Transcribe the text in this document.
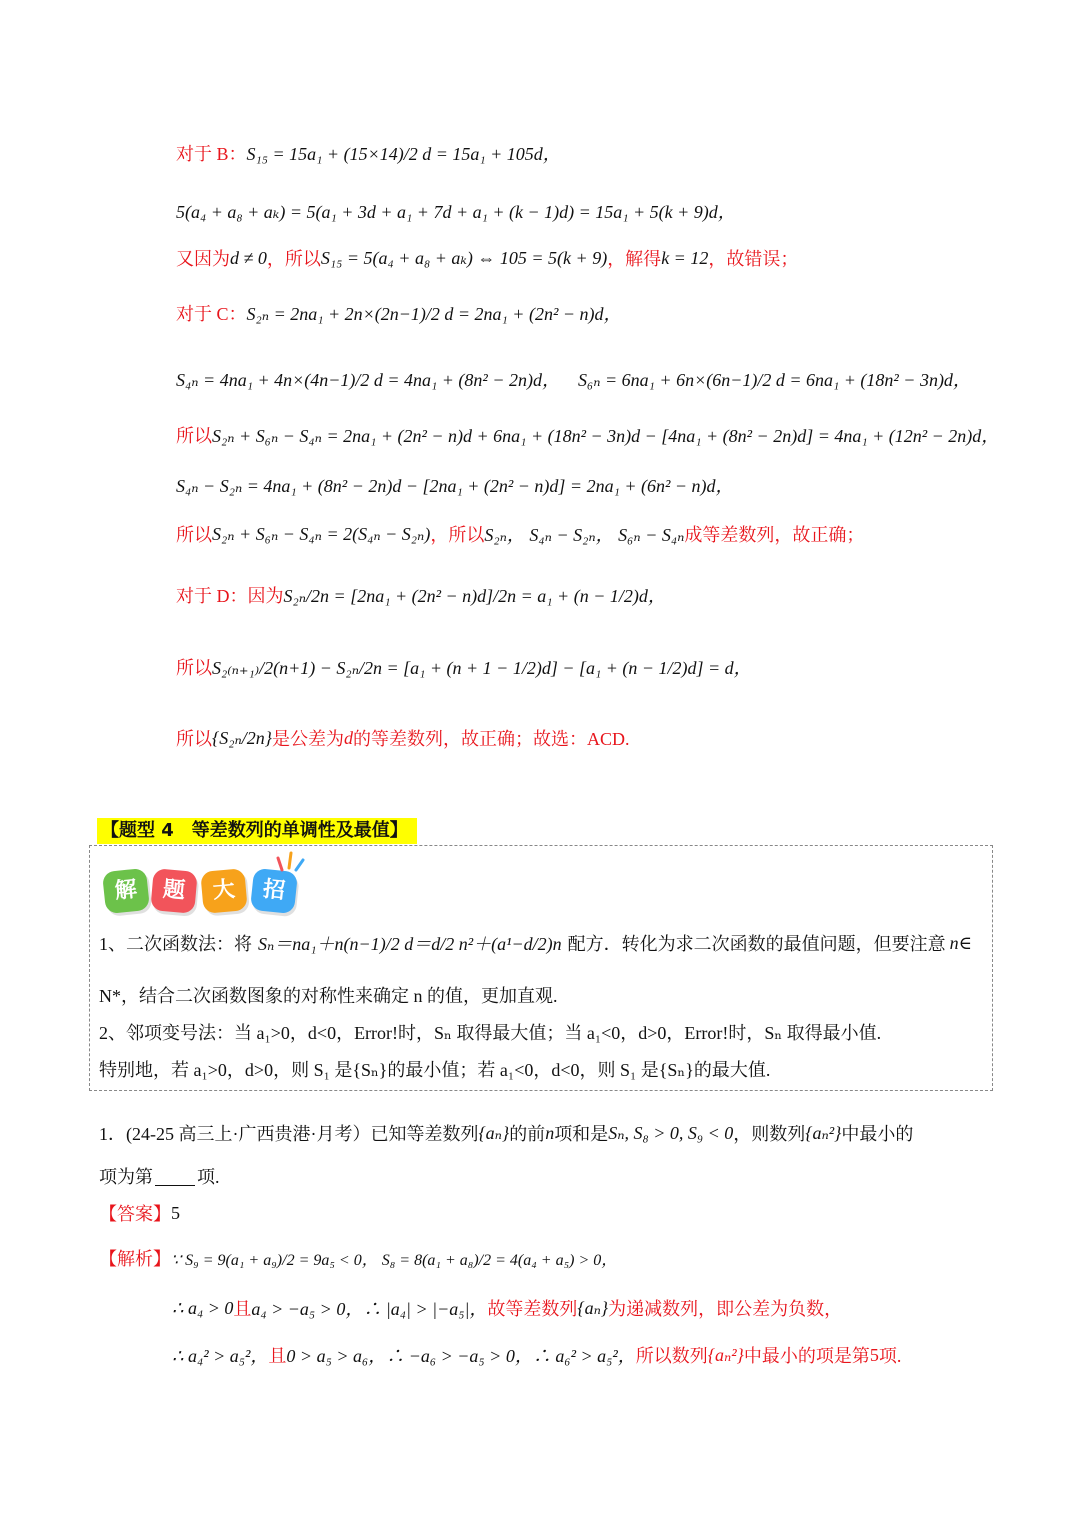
对于 B： S₁₅ = 15a₁ + (15×14)/2 d = 15a₁ + 105d，
5(a₄ + a₈ + aₖ) = 5(a₁ + 3d + a₁ + 7d + a₁ + (k − 1)d) = 15a₁ + 5(k + 9)d，
又因为 d ≠ 0 ，所以 S₁₅ = 5(a₄ + a₈ + aₖ) ⇔ 105 = 5(k + 9) ，解得 k = 12 ，故错误；
对于 C： S₂ₙ = 2na₁ + 2n×(2n−1)/2 d = 2na₁ + (2n² − n)d，
S₄ₙ = 4na₁ + 4n×(4n−1)/2 d = 4na₁ + (8n² − 2n)d， S₆ₙ = 6na₁ + 6n×(6n−1)/2 d = 6na₁ + (18n² − 3n)d，
所以 S₂ₙ + S₆ₙ − S₄ₙ = 2na₁ + (2n² − n)d + 6na₁ + (18n² − 3n)d − [4na₁ + (8n² − 2n)d] = 4na₁ + (12n² − 2n)d，
S₄ₙ − S₂ₙ = 4na₁ + (8n² − 2n)d − [2na₁ + (2n² − n)d] = 2na₁ + (6n² − n)d，
所以 S₂ₙ + S₆ₙ − S₄ₙ = 2(S₄ₙ − S₂ₙ) ，所以 S₂ₙ， S₄ₙ − S₂ₙ， S₆ₙ − S₄ₙ 成等差数列，故正确；
对于 D：因为 S₂ₙ/2n = [2na₁ + (2n² − n)d]/2n = a₁ + (n − 1/2)d，
所以 S₂₍ₙ₊₁₎/2(n+1) − S₂ₙ/2n = [a₁ + (n + 1 − 1/2)d] − [a₁ + (n − 1/2)d] = d，
所以 {S₂ₙ/2n} 是公差为 d 的等差数列，故正确；故选：ACD.
【题型 4　等差数列的单调性及最值】
解	题	大	招
1、二次函数法：将 Sₙ＝na₁＋n(n−1)/2 d＝d/2 n²＋(a¹−d/2)n 配方．转化为求二次函数的最值问题，但要注意 n∈
N*，结合二次函数图象的对称性来确定 n 的值，更加直观.
2、邻项变号法：当 a₁>0，d<0，Error!时，Sₙ 取得最大值；当 a₁<0，d>0，Error!时，Sₙ 取得最小值.
特别地，若 a₁>0，d>0，则 S₁ 是{Sₙ}的最小值；若 a₁<0，d<0，则 S₁ 是{Sₙ}的最大值.
1．(24-25 高三上·广西贵港·月考）已知等差数列 {aₙ} 的前 n 项和是 Sₙ, S₈ > 0, S₉ < 0 ，则数列 {aₙ²} 中最小的
项为第 项.
【答案】 5
【解析】 ∵ S₉ = 9(a₁ + a₉)/2 = 9a₅ < 0， S₈ = 8(a₁ + a₈)/2 = 4(a₄ + a₅) > 0，
∴ a₄ > 0 且 a₄ > −a₅ > 0，∴ |a₄| > |−a₅|， 故等差数列 {aₙ} 为递减数列，即公差为负数，
∴ a₄² > a₅²， 且 0 > a₅ > a₆，∴ −a₆ > −a₅ > 0，∴ a₆² > a₅²， 所以数列 {aₙ²} 中最小的项是第 5 项.
